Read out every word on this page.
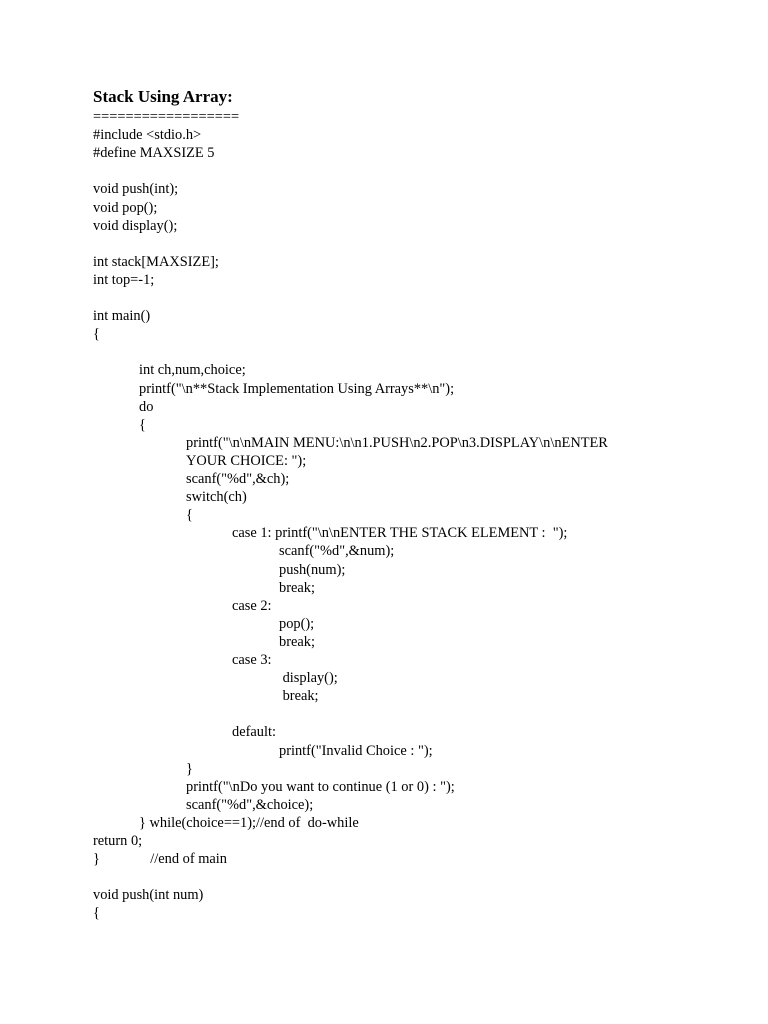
Stack Using Array:
==================
#include <stdio.h>
#define MAXSIZE 5
void push(int);
void pop();
void display();
int stack[MAXSIZE];
int top=-1;
int main()
{
int ch,num,choice;
printf("\n**Stack Implementation Using Arrays**\n");
do
{
printf("\n\nMAIN MENU:\n\n1.PUSH\n2.POP\n3.DISPLAY\n\nENTER
YOUR CHOICE: ");
scanf("%d",&ch);
switch(ch)
{
case 1: printf("\n\nENTER THE STACK ELEMENT :  ");
scanf("%d",&num);
push(num);
break;
case 2:
pop();
break;
case 3:
display();
break;
default:
printf("Invalid Choice : ");
}
printf("\nDo you want to continue (1 or 0) : ");
scanf("%d",&choice);
} while(choice==1);//end of  do-while
return 0;
}              //end of main
void push(int num)
{
